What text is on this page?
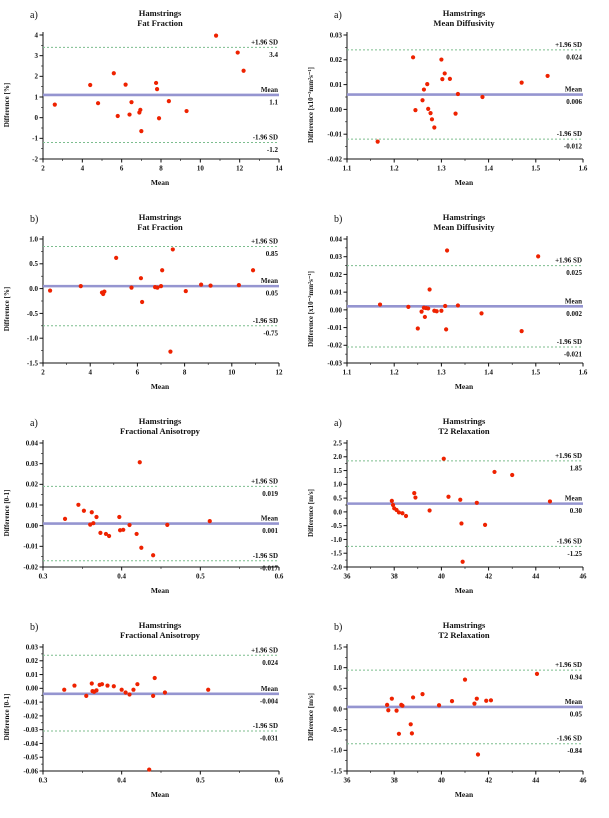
a)	Hamstrings
Fat Fraction
Difference [%]
4
3
2
1
0
-1
-2
2	4	6	8	10	12	14
+1.96 SD
3.4
Mean
1.1
-1.96 SD
-1.2
Mean
a)	Hamstrings
Mean Diffusivity
Difference [x10⁻³mm²s⁻¹]
0.03
0.02
0.01
0.00
-0.01
-0.02
1.1	1.2	1.3	1.4	1.5	1.6
+1.96 SD
0.024
Mean
0.006
-1.96 SD
-0.012
Mean
b)	Hamstrings
Fat Fraction
Difference [%]
1.0
0.5
0.0
-0.5
-1.0
-1.5
2	4	6	8	10	12
+1.96 SD
0.85
Mean
0.05
-1.96 SD
-0.75
Mean
b)	Hamstrings
Mean Diffusivity
Difference [x10⁻³mm²s⁻¹]
0.04
0.03
0.02
0.01
0.00
-0.01
-0.02
-0.03
1.1	1.2	1.3	1.4	1.5	1.6
+1.96 SD
0.025
Mean
0.002
-1.96 SD
-0.021
Mean
a)	Hamstrings
Fractional Anisotropy
Difference [0-1]
0.04
0.03
0.02
0.01
0.00
-0.01
-0.02
0.3	0.4	0.5	0.6
+1.96 SD
0.019
Mean
0.001
-1.96 SD
-0.017
Mean
a)	Hamstrings
T2 Relaxation
Difference [m/s]
2.5
2.0
1.5
1.0
0.5
0.0
-0.5
-1.0
-1.5
-2.0
36	38	40	42	44	46
+1.96 SD
1.85
Mean
0.30
-1.96 SD
-1.25
Mean
b)	Hamstrings
Fractional Anisotropy
Difference [0-1]
0.03
0.02
0.01
0.00
-0.01
-0.02
-0.03
-0.04
-0.05
-0.06
0.3	0.4	0.5	0.6
+1.96 SD
0.024
Mean
-0.004
-1.96 SD
-0.031
Mean
b)	Hamstrings
T2 Relaxation
Difference [m/s]
1.5
1.0
0.5
0.0
-0.5
-1.0
-1.5
36	38	40	42	44	46
+1.96 SD
0.94
Mean
0.05
-1.96 SD
-0.84
Mean
